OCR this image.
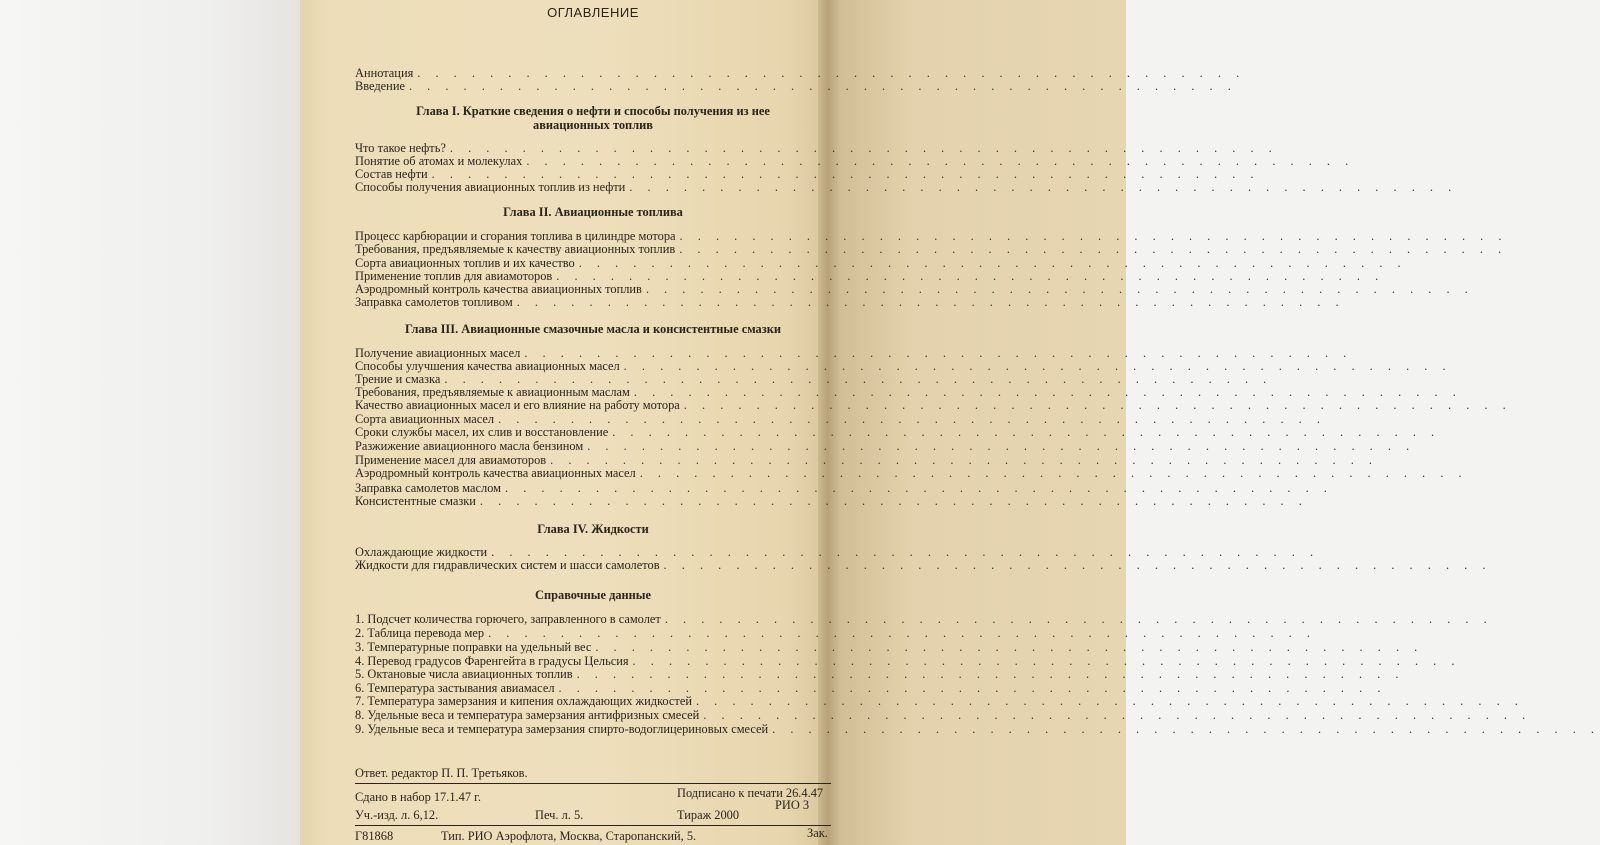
ОГЛАВЛЕНИЕ
Аннотация. . . . . . . . . . . . . . . . . . . . . . . . . . . . . . . . . . . . . . . . . . . . . .
Введение. . . . . . . . . . . . . . . . . . . . . . . . . . . . . . . . . . . . . . . . . . . . . .
Глава I. Краткие сведения о нефти и способы получения из нее
авиационных топлив
Что такое нефть?. . . . . . . . . . . . . . . . . . . . . . . . . . . . . . . . . . . . . . . . . . . . . .
Понятие об атомах и молекулах. . . . . . . . . . . . . . . . . . . . . . . . . . . . . . . . . . . . . . . . . . . . . .
Состав нефти. . . . . . . . . . . . . . . . . . . . . . . . . . . . . . . . . . . . . . . . . . . . . .
Способы получения авиационных топлив из нефти. . . . . . . . . . . . . . . . . . . . . . . . . . . . . . . . . . . . . . . . . . . . . .
Глава II. Авиационные топлива
Процесс карбюрации и сгорания топлива в цилиндре мотора. . . . . . . . . . . . . . . . . . . . . . . . . . . . . . . . . . . . . . . . . . . . . .
Требования, предъявляемые к качеству авиационных топлив. . . . . . . . . . . . . . . . . . . . . . . . . . . . . . . . . . . . . . . . . . . . . .
Сорта авиационных топлив и их качество. . . . . . . . . . . . . . . . . . . . . . . . . . . . . . . . . . . . . . . . . . . . . .
Применение топлив для авиамоторов. . . . . . . . . . . . . . . . . . . . . . . . . . . . . . . . . . . . . . . . . . . . . .
Аэродромный контроль качества авиационных топлив. . . . . . . . . . . . . . . . . . . . . . . . . . . . . . . . . . . . . . . . . . . . . .
Заправка самолетов топливом. . . . . . . . . . . . . . . . . . . . . . . . . . . . . . . . . . . . . . . . . . . . . .
Глава III. Авиационные смазочные масла и консистентные смазки
Получение авиационных масел. . . . . . . . . . . . . . . . . . . . . . . . . . . . . . . . . . . . . . . . . . . . . .
Способы улучшения качества авиационных масел. . . . . . . . . . . . . . . . . . . . . . . . . . . . . . . . . . . . . . . . . . . . . .
Трение и смазка. . . . . . . . . . . . . . . . . . . . . . . . . . . . . . . . . . . . . . . . . . . . . .
Требования, предъявляемые к авиационным маслам. . . . . . . . . . . . . . . . . . . . . . . . . . . . . . . . . . . . . . . . . . . . . .
Качество авиационных масел и его влияние на работу мотора. . . . . . . . . . . . . . . . . . . . . . . . . . . . . . . . . . . . . . . . . . . . . .
Сорта авиационных масел. . . . . . . . . . . . . . . . . . . . . . . . . . . . . . . . . . . . . . . . . . . . . .
Сроки службы масел, их слив и восстановление. . . . . . . . . . . . . . . . . . . . . . . . . . . . . . . . . . . . . . . . . . . . . .
Разжижение авиационного масла бензином. . . . . . . . . . . . . . . . . . . . . . . . . . . . . . . . . . . . . . . . . . . . . .
Применение масел для авиамоторов. . . . . . . . . . . . . . . . . . . . . . . . . . . . . . . . . . . . . . . . . . . . . .
Аэродромный контроль качества авиационных масел. . . . . . . . . . . . . . . . . . . . . . . . . . . . . . . . . . . . . . . . . . . . . .
Заправка самолетов маслом. . . . . . . . . . . . . . . . . . . . . . . . . . . . . . . . . . . . . . . . . . . . . .
Консистентные смазки. . . . . . . . . . . . . . . . . . . . . . . . . . . . . . . . . . . . . . . . . . . . . .
Глава IV. Жидкости
Охлаждающие жидкости. . . . . . . . . . . . . . . . . . . . . . . . . . . . . . . . . . . . . . . . . . . . . .
Жидкости для гидравлических систем и шасси самолетов. . . . . . . . . . . . . . . . . . . . . . . . . . . . . . . . . . . . . . . . . . . . . .
Справочные данные
1. Подсчет количества горючего, заправленного в самолет. . . . . . . . . . . . . . . . . . . . . . . . . . . . . . . . . . . . . . . . . . . . . .
2. Таблица перевода мер. . . . . . . . . . . . . . . . . . . . . . . . . . . . . . . . . . . . . . . . . . . . . .
3. Температурные поправки на удельный вес. . . . . . . . . . . . . . . . . . . . . . . . . . . . . . . . . . . . . . . . . . . . . .
4. Перевод градусов Фаренгейта в градусы Цельсия. . . . . . . . . . . . . . . . . . . . . . . . . . . . . . . . . . . . . . . . . . . . . .
5. Октановые числа авиационных топлив. . . . . . . . . . . . . . . . . . . . . . . . . . . . . . . . . . . . . . . . . . . . . .
6. Температура застывания авиамасел. . . . . . . . . . . . . . . . . . . . . . . . . . . . . . . . . . . . . . . . . . . . . .
7. Температура замерзания и кипения охлаждающих жидкостей. . . . . . . . . . . . . . . . . . . . . . . . . . . . . . . . . . . . . . . . . . . . . .
8. Удельные веса и температура замерзания антифризных смесей. . . . . . . . . . . . . . . . . . . . . . . . . . . . . . . . . . . . . . . . . . . . . .
9. Удельные веса и температура замерзания спирто-водоглицериновых смесей. . . . . . . . . . . . . . . . . . . . . . . . . . . . . . . . . . . . . . . . . . . . . .
Ответ. редактор П. П. Третьяков.
Сдано в набор 17.1.47 г.	Подписано к печати 26.4.47
РИО 3
Уч.-изд. л. 6,12.	Печ. л. 5.	Тираж 2000
Г81868	Тип. РИО Аэрофлота, Москва, Старопанский, 5.	Зак.
